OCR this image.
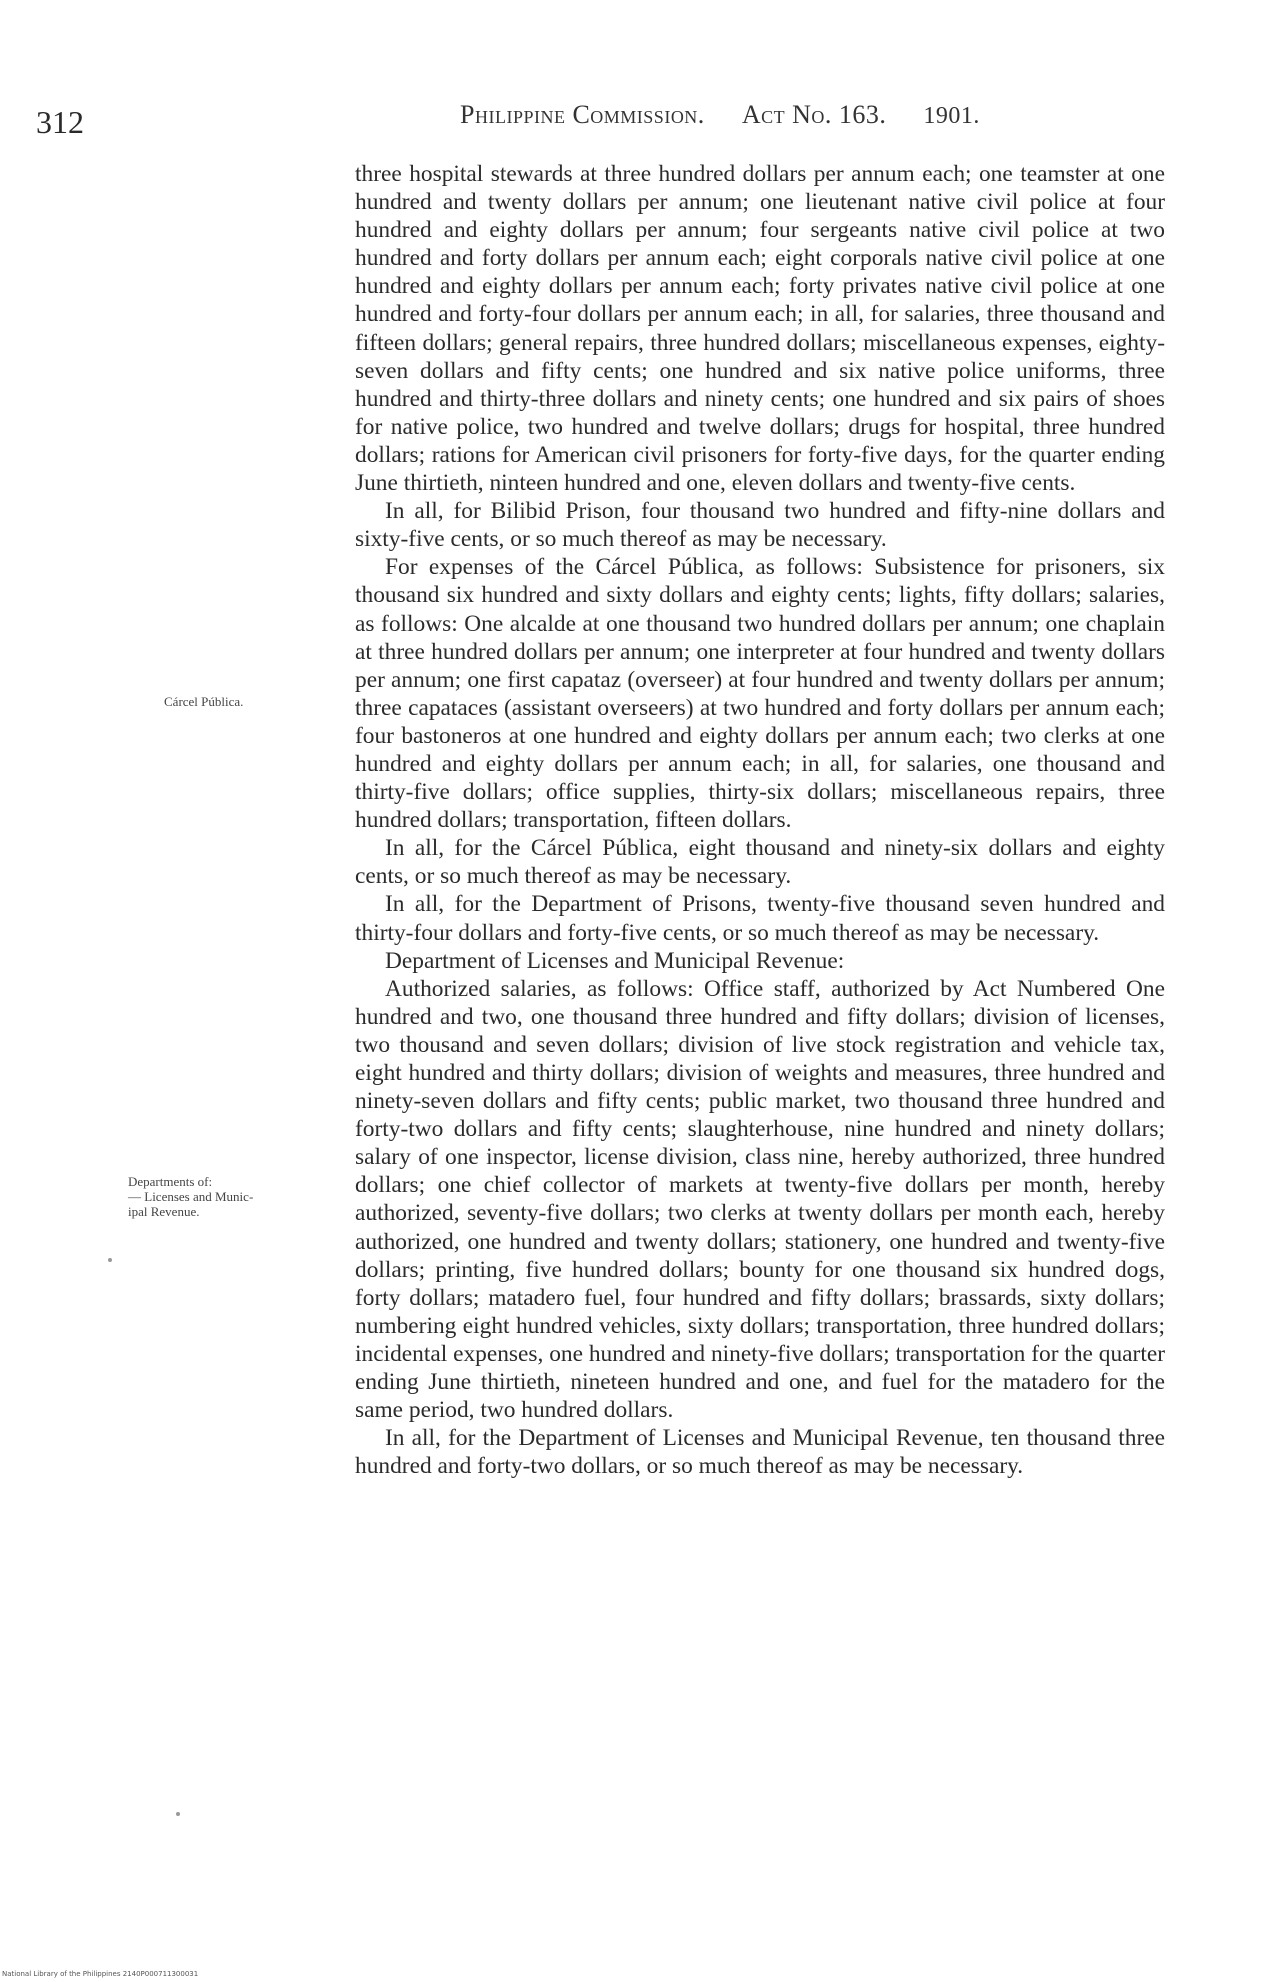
312	Philippine Commission. Act No. 163. 1901.
Cárcel Pública.
Departments of:
— Licenses and Munic-
ipal Revenue.

three hospital stewards at three hundred dollars per annum each; one teamster at one hundred and twenty dollars per annum; one lieutenant native civil police at four hundred and eighty dollars per annum; four sergeants native civil police at two hundred and forty dollars per annum each; eight corporals native civil police at one hundred and eighty dollars per annum each; forty privates native civil police at one hundred and forty-four dollars per annum each; in all, for salaries, three thousand and fifteen dollars; general repairs, three hundred dollars; miscellaneous expenses, eighty-seven dollars and fifty cents; one hundred and six native police uniforms, three hundred and thirty-three dollars and ninety cents; one hundred and six pairs of shoes for native police, two hundred and twelve dollars; drugs for hospital, three hundred dollars; rations for American civil prisoners for forty-five days, for the quarter ending June thirtieth, ninteen hundred and one, eleven dollars and twenty-five cents.

In all, for Bilibid Prison, four thousand two hundred and fifty-nine dollars and sixty-five cents, or so much thereof as may be necessary.

For expenses of the Cárcel Pública, as follows: Subsistence for prisoners, six thousand six hundred and sixty dollars and eighty cents; lights, fifty dollars; salaries, as follows: One alcalde at one thousand two hundred dollars per annum; one chaplain at three hundred dollars per annum; one interpreter at four hundred and twenty dollars per annum; one first capataz (overseer) at four hundred and twenty dollars per annum; three capataces (assistant overseers) at two hundred and forty dollars per annum each; four bastoneros at one hundred and eighty dollars per annum each; two clerks at one hundred and eighty dollars per annum each; in all, for salaries, one thousand and thirty-five dollars; office supplies, thirty-six dollars; miscellaneous repairs, three hundred dollars; transportation, fifteen dollars.

In all, for the Cárcel Pública, eight thousand and ninety-six dollars and eighty cents, or so much thereof as may be necessary.

In all, for the Department of Prisons, twenty-five thousand seven hundred and thirty-four dollars and forty-five cents, or so much thereof as may be necessary.

Department of Licenses and Municipal Revenue:

Authorized salaries, as follows: Office staff, authorized by Act Numbered One hundred and two, one thousand three hundred and fifty dollars; division of licenses, two thousand and seven dollars; division of live stock registration and vehicle tax, eight hundred and thirty dollars; division of weights and measures, three hundred and ninety-seven dollars and fifty cents; public market, two thousand three hundred and forty-two dollars and fifty cents; slaughterhouse, nine hundred and ninety dollars; salary of one inspector, license division, class nine, hereby authorized, three hundred dollars; one chief collector of markets at twenty-five dollars per month, hereby authorized, seventy-five dollars; two clerks at twenty dollars per month each, hereby authorized, one hundred and twenty dollars; stationery, one hundred and twenty-five dollars; printing, five hundred dollars; bounty for one thousand six hundred dogs, forty dollars; matadero fuel, four hundred and fifty dollars; brassards, sixty dollars; numbering eight hundred vehicles, sixty dollars; transportation, three hundred dollars; incidental expenses, one hundred and ninety-five dollars; transportation for the quarter ending June thirtieth, nineteen hundred and one, and fuel for the matadero for the same period, two hundred dollars.

In all, for the Department of Licenses and Municipal Revenue, ten thousand three hundred and forty-two dollars, or so much thereof as may be necessary.

National Library of the Philippines 2140P000711300031
